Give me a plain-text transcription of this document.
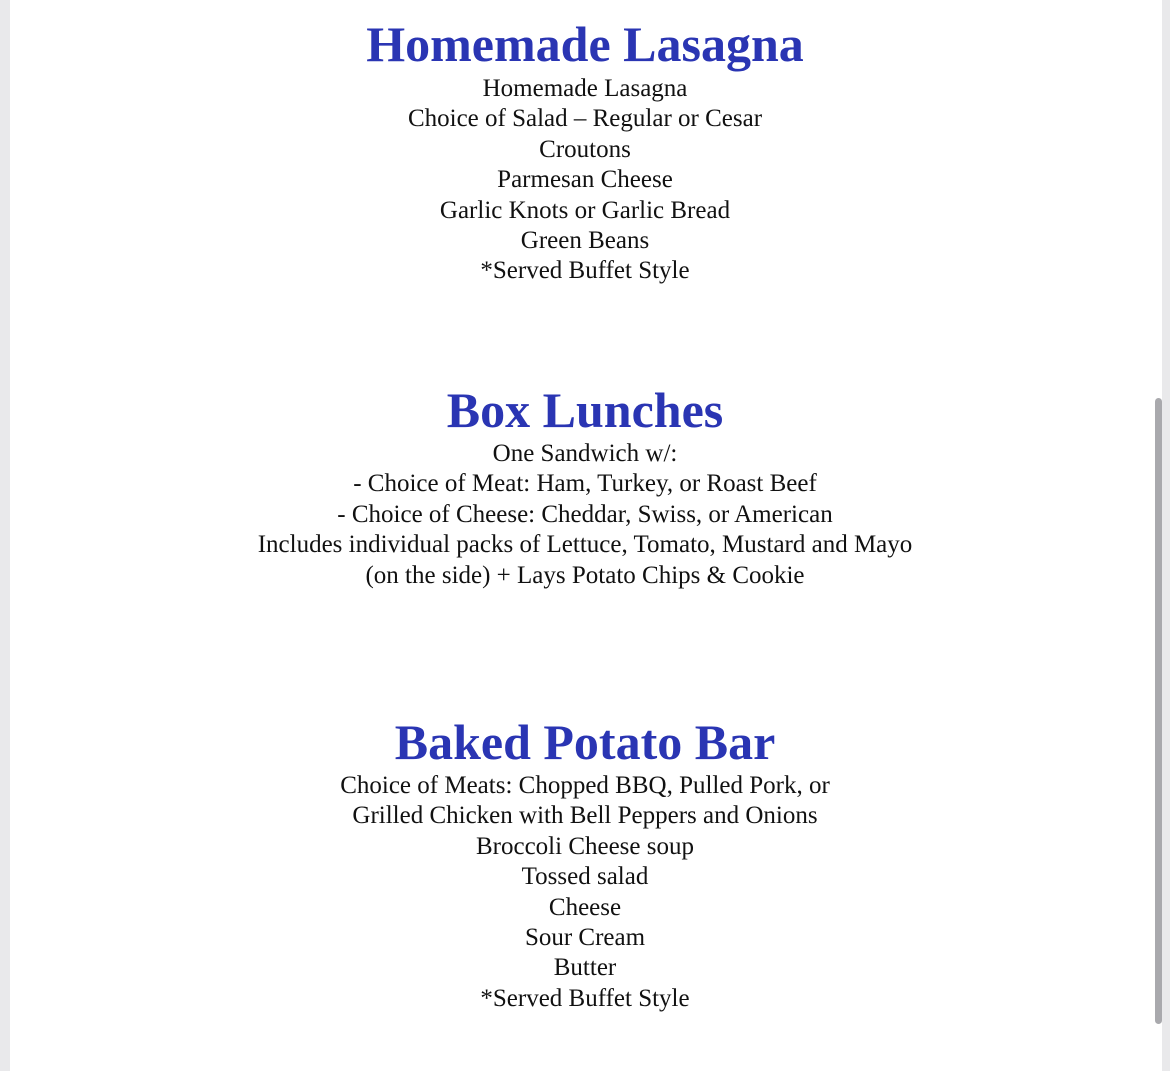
Homemade Lasagna
Homemade Lasagna
Choice of Salad – Regular or Cesar
Croutons
Parmesan Cheese
Garlic Knots or Garlic Bread
Green Beans
*Served Buffet Style
Box Lunches
One Sandwich w/:
- Choice of Meat: Ham, Turkey, or Roast Beef
- Choice of Cheese: Cheddar, Swiss, or American
Includes individual packs of Lettuce, Tomato, Mustard and Mayo
(on the side) + Lays Potato Chips & Cookie
Baked Potato Bar
Choice of Meats: Chopped BBQ, Pulled Pork, or
Grilled Chicken with Bell Peppers and Onions
Broccoli Cheese soup
Tossed salad
Cheese
Sour Cream
Butter
*Served Buffet Style
